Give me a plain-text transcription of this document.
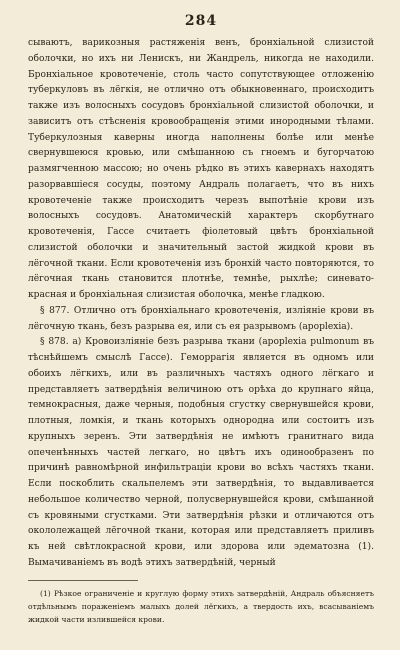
284

сываютъ, варикозныя растяженія венъ, бронхіальной слизистой оболочки, но ихъ ни Ленискъ, ни Жандрель, никогда не находили. Бронхіальное кровотеченіе, столь часто сопутствующее отложенію туберкуловъ въ лёгкія, не отлично отъ обыкновеннаго, происходитъ также изъ волосныхъ сосудовъ бронхіальной слизистой оболочки, и зависитъ отъ стѣсненія кровообращенія этими инородными тѣлами. Туберкулозныя каверны иногда наполнены болѣе или менѣе свернувшеюся кровью, или смѣшанною съ гноемъ и бугорчатою размягченною массою; но очень рѣдко въ этихъ кавернахъ находятъ разорвавшіеся сосуды, поэтому Андраль полагаетъ, что въ нихъ кровотеченіе также происходитъ черезъ выпотѣніе крови изъ волосныхъ сосудовъ. Анатомическій характеръ скорбутнаго кровотеченія, Гассе считаетъ фіолетовый цвѣтъ бронхіальной слизистой оболочки и значительный застой жидкой крови въ лёгочной ткани. Если кровотеченія изъ бронхій часто повторяются, то лёгочная ткань становится плотнѣе, темнѣе, рыхлѣе; синевато-красная и бронхіальная слизистая оболочка, менѣе гладкою.

§ 877. Отлично отъ бронхіальнаго кровотеченія, изліяніе крови въ лёгочную ткань, безъ разрыва ея, или съ ея разрывомъ (apoplexia).

§ 878. а) Кровоизліяніе безъ разрыва ткани (apoplexia pulmonum въ тѣснѣйшемъ смыслѣ Гассе). Геморрагія является въ одномъ или обоихъ лёгкихъ, или въ различныхъ частяхъ одного лёгкаго и представляетъ затвердѣнія величиною отъ орѣха до крупнаго яйца, темнокрасныя, даже черныя, подобныя сгустку свернувшейся крови, плотныя, ломкія, и ткань которыхъ однородна или состоитъ изъ крупныхъ зеренъ. Эти затвердѣнія не имѣютъ гранитнаго вида опеченѣнныхъ частей легкаго, но цвѣтъ ихъ одинообразенъ по причинѣ равномѣрной инфильтраціи крови во всѣхъ частяхъ ткани. Если поскоблить скальпелемъ эти затвердѣнія, то выдавливается небольшое количество черной, полусвернувшейся крови, смѣшанной съ кровяными сгустками. Эти затвердѣнія рѣзки и отличаются отъ окололежащей лёгочной ткани, которая или представляетъ приливъ къ ней свѣтлокрасной крови, или здорова или эдематозна (1). Вымачиваніемъ въ водѣ этихъ затвердѣній, черный

(1) Рѣзкое ограниченіе и круглую форму этихъ затвердѣній, Андраль объясняетъ отдѣльнымъ пораженіемъ малыхъ долей лёгкихъ, а твердость ихъ, всасываніемъ жидкой части излившейся крови.
